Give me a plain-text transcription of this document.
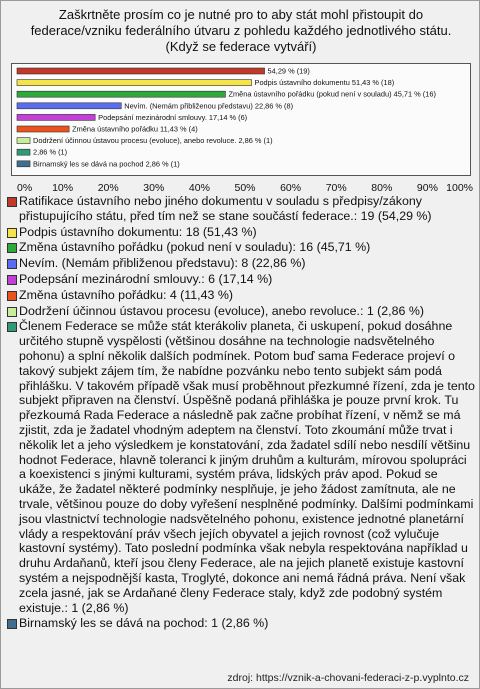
Zaškrtněte prosím co je nutné pro to aby stát mohl přistoupit do federace/vzniku federálního útvaru z pohledu každého jednotlivého státu. (Když se federace vytváří)
54,29 % (19)
Podpis ústavního dokumentu 51,43 % (18)
Změna ústavního pořádku (pokud není v souladu) 45,71 % (16)
Nevím. (Nemám přibliženou představu) 22,86 % (8)
Podepsání mezinárodní smlouvy. 17,14 % (6)
Změna ústavního pořádku 11,43 % (4)
Dodržení účinnou ústavou procesu (evoluce), anebo revoluce. 2,86 % (1)
2,86 % (1)
Birnamský les se dává na pochod 2,86 % (1)
0% 10% 20% 30% 40% 50% 60% 70% 80% 90% 100%
Ratifikace ústavního nebo jiného dokumentu v souladu s předpisy/zákony přistupujícího státu, před tím než se stane součástí federace.: 19 (54,29 %)
Podpis ústavního dokumentu: 18 (51,43 %)
Změna ústavního pořádku (pokud není v souladu): 16 (45,71 %)
Nevím. (Nemám přibliženou představu): 8 (22,86 %)
Podepsání mezinárodní smlouvy.: 6 (17,14 %)
Změna ústavního pořádku: 4 (11,43 %)
Dodržení účinnou ústavou procesu (evoluce), anebo revoluce.: 1 (2,86 %)
Členem Federace se může stát kterákoliv planeta, či uskupení, pokud dosáhne určitého stupně vyspělosti (většinou dosáhne na technologie nadsvětelného pohonu) a splní několik dalších podmínek. Potom buď sama Federace projeví o takový subjekt zájem tím, že nabídne pozvánku nebo tento subjekt sám podá přihlášku. V takovém případě však musí proběhnout přezkumné řízení, zda je tento subjekt připraven na členství. Úspěšně podaná přihláška je pouze první krok. Tu přezkoumá Rada Federace a následně pak začne probíhat řízení, v němž se má zjistit, zda je žadatel vhodným adeptem na členství. Toto zkoumání může trvat i několik let a jeho výsledkem je konstatování, zda žadatel sdílí nebo nesdílí většinu hodnot Federace, hlavně toleranci k jiným druhům a kulturám, mírovou spolupráci a koexistenci s jinými kulturami, systém práva, lidských práv apod. Pokud se ukáže, že žadatel některé podmínky nesplňuje, je jeho žádost zamítnuta, ale ne trvale, většinou pouze do doby vyřešení nesplněné podmínky. Dalšími podmínkami jsou vlastnictví technologie nadsvětelného pohonu, existence jednotné planetární vlády a respektování práv všech jejích obyvatel a jejich rovnost (což vylučuje kastovní systémy). Tato poslední podmínka však nebyla respektována například u druhu Ardaňanů, kteří jsou členy Federace, ale na jejich planetě existuje kastovní systém a nejspodnější kasta, Troglyté, dokonce ani nemá řádná práva. Není však zcela jasné, jak se Ardaňané členy Federace staly, když zde podobný systém existuje.: 1 (2,86 %)
Birnamský les se dává na pochod: 1 (2,86 %)
zdroj: https://vznik-a-chovani-federaci-z-p.vyplnto.cz
